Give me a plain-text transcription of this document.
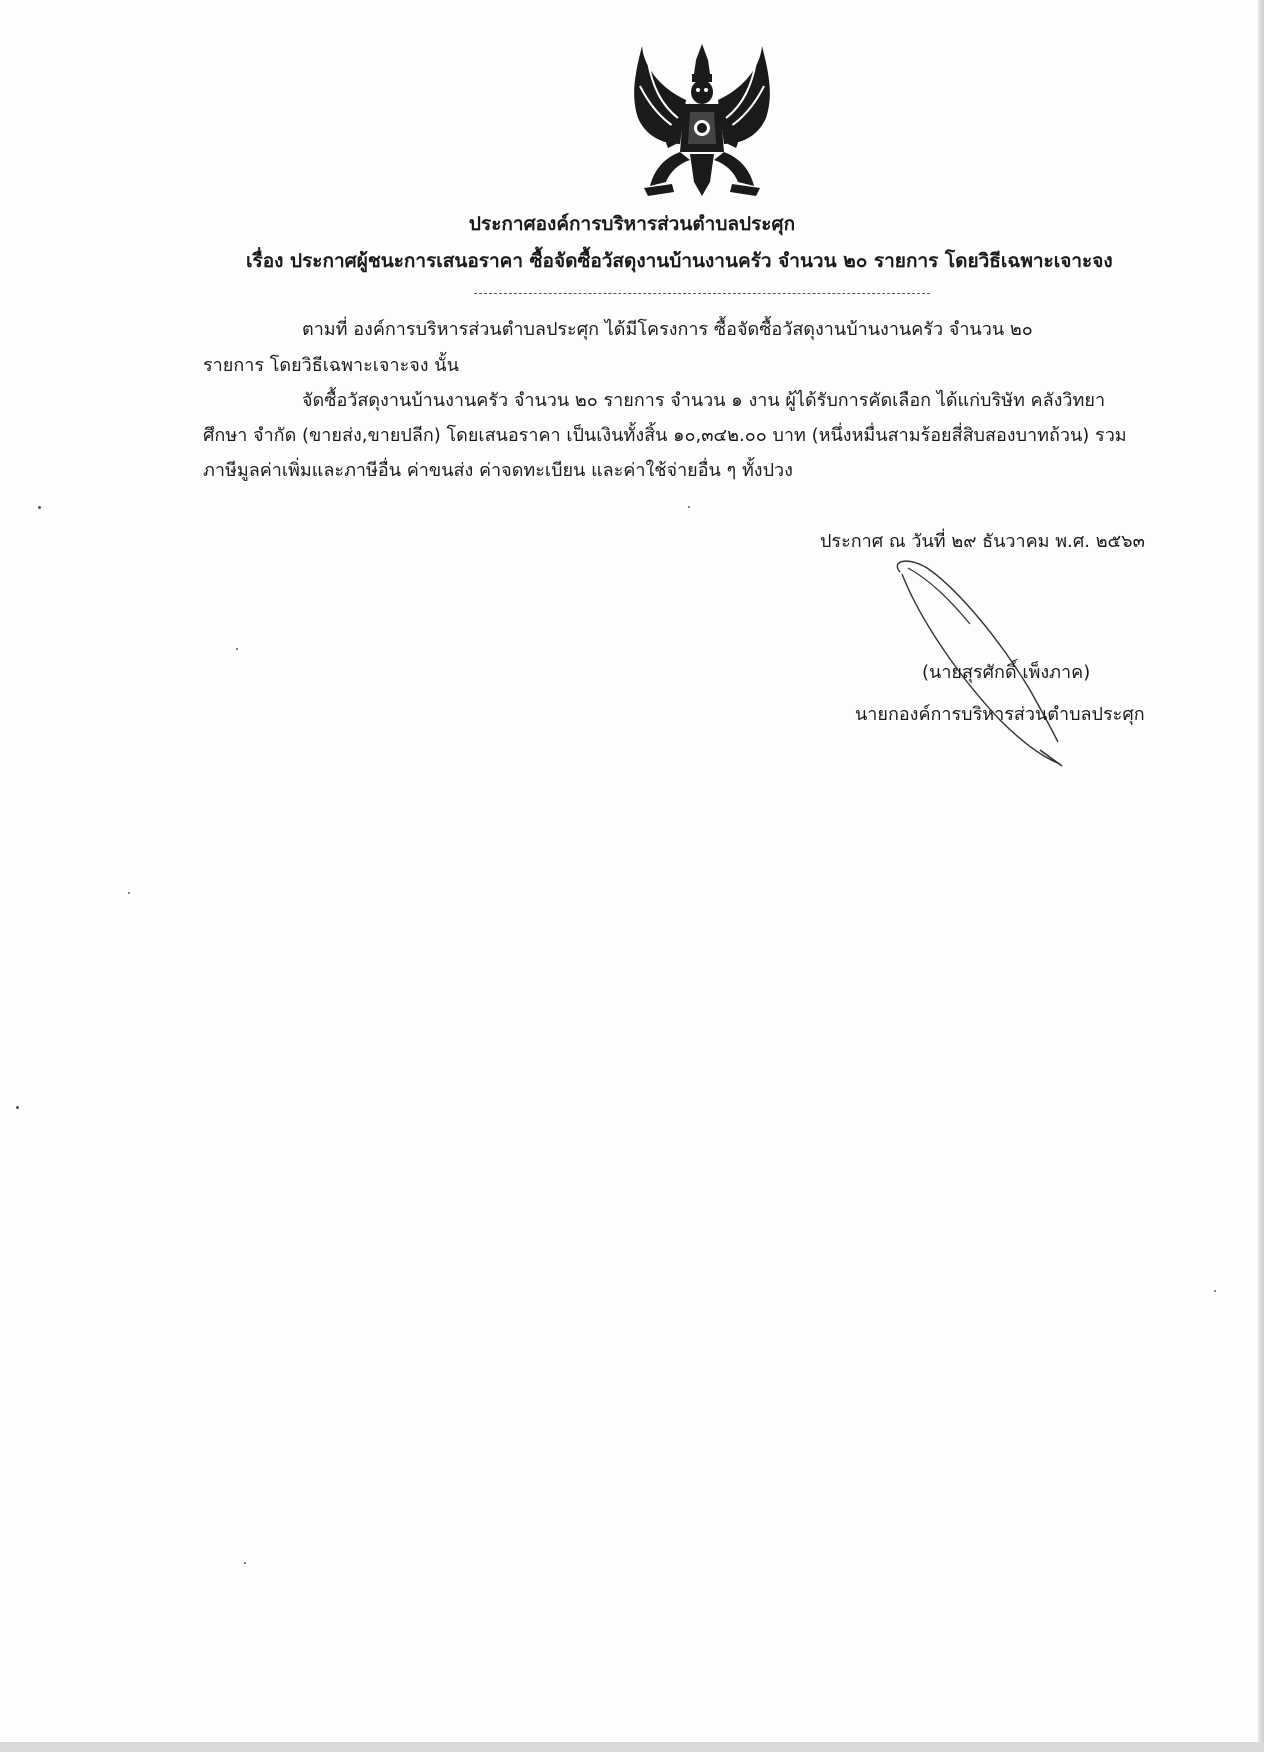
ประกาศองค์การบริหารส่วนตำบลประศุก
เรื่อง ประกาศผู้ชนะการเสนอราคา ซื้อจัดซื้อวัสดุงานบ้านงานครัว จำนวน ๒๐ รายการ โดยวิธีเฉพาะเจาะจง
ตามที่ องค์การบริหารส่วนตำบลประศุก ได้มีโครงการ ซื้อจัดซื้อวัสดุงานบ้านงานครัว จำนวน ๒๐
รายการ โดยวิธีเฉพาะเจาะจง นั้น
จัดซื้อวัสดุงานบ้านงานครัว จำนวน ๒๐ รายการ จำนวน ๑ งาน ผู้ได้รับการคัดเลือก ได้แก่บริษัท คลังวิทยา
ศึกษา จำกัด (ขายส่ง,ขายปลีก) โดยเสนอราคา เป็นเงินทั้งสิ้น ๑๐,๓๔๒.๐๐ บาท (หนึ่งหมื่นสามร้อยสี่สิบสองบาทถ้วน) รวม
ภาษีมูลค่าเพิ่มและภาษีอื่น ค่าขนส่ง ค่าจดทะเบียน และค่าใช้จ่ายอื่น ๆ ทั้งปวง
ประกาศ ณ วันที่ ๒๙ ธันวาคม พ.ศ. ๒๕๖๓
(นายสุรศักดิ์ เพ็งภาค)
นายกองค์การบริหารส่วนตำบลประศุก
